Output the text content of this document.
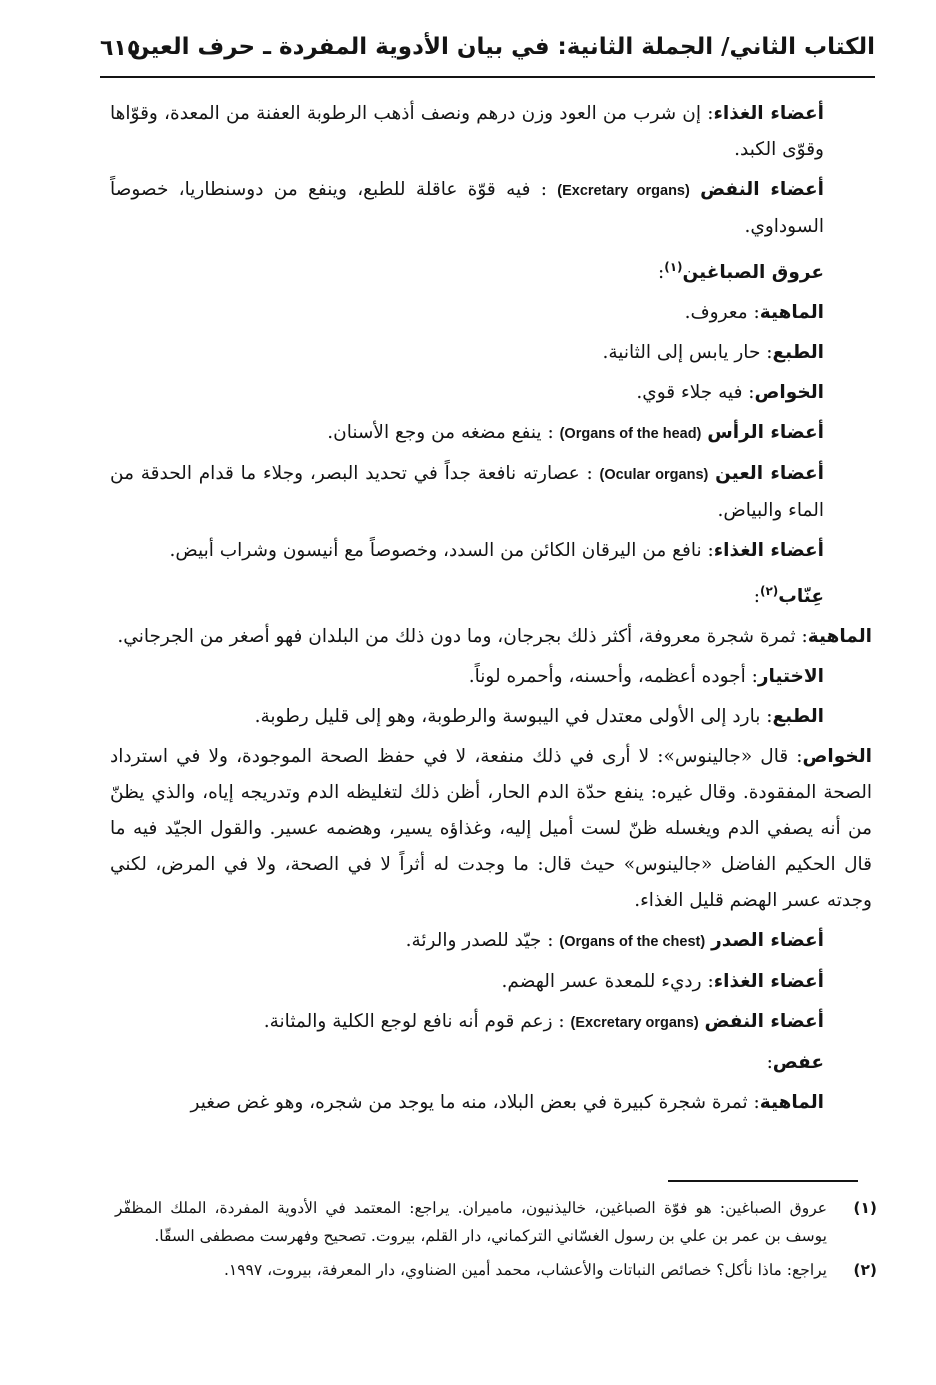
الكتاب الثاني/ الجملة الثانية: في بيان الأدوية المفردة ـ حرف العين
٦١٥

أعضاء الغذاء: إن شرب من العود وزن درهم ونصف أذهب الرطوبة العفنة من المعدة، وقوّاها وقوّى الكبد.

أعضاء النفض (Excretary organs) : فيه قوّة عاقلة للطبع، وينفع من دوسنطاريا، خصوصاً السوداوي.

عروق الصباغين$^{(١)}$:

الماهية: معروف.

الطبع: حار يابس إلى الثانية.

الخواص: فيه جلاء قوي.

أعضاء الرأس (Organs of the head) : ينفع مضغه من وجع الأسنان.

أعضاء العين (Ocular organs) : عصارته نافعة جداً في تحديد البصر، وجلاء ما قدام الحدقة من الماء والبياض.

أعضاء الغذاء: نافع من اليرقان الكائن من السدد، وخصوصاً مع أنيسون وشراب أبيض.

عِنّاب$^{(٢)}$:

الماهية: ثمرة شجرة معروفة، أكثر ذلك بجرجان، وما دون ذلك من البلدان فهو أصغر من الجرجاني.

الاختيار: أجوده أعظمه، وأحسنه، وأحمره لوناً.

الطبع: بارد إلى الأولى معتدل في اليبوسة والرطوبة، وهو إلى قليل رطوبة.

الخواص: قال «جالينوس»: لا أرى في ذلك منفعة، لا في حفظ الصحة الموجودة، ولا في استرداد الصحة المفقودة. وقال غيره: ينفع حدّة الدم الحار، أظن ذلك لتغليظه الدم وتدريجه إياه، والذي يظنّ من أنه يصفي الدم ويغسله ظنّ لست أميل إليه، وغذاؤه يسير، وهضمه عسير. والقول الجيّد فيه ما قال الحكيم الفاضل «جالينوس» حيث قال: ما وجدت له أثراً لا في الصحة، ولا في المرض، لكني وجدته عسر الهضم قليل الغذاء.

أعضاء الصدر (Organs of the chest) : جيّد للصدر والرئة.

أعضاء الغذاء: رديء للمعدة عسر الهضم.

أعضاء النفض (Excretary organs) : زعم قوم أنه نافع لوجع الكلية والمثانة.

عفص:

الماهية: ثمرة شجرة كبيرة في بعض البلاد، منه ما يوجد من شجره، وهو غض صغير

(١)
عروق الصباغين: هو فوّة الصباغين، خاليذنيون، ماميران. يراجع: المعتمد في الأدوية المفردة، الملك المظفّر يوسف بن عمر بن علي بن رسول الغسّاني التركماني، دار القلم، بيروت. تصحيح وفهرست مصطفى السقّا.
(٢)
يراجع: ماذا نأكل؟ خصائص النباتات والأعشاب، محمد أمين الضناوي، دار المعرفة، بيروت، ١٩٩٧.
